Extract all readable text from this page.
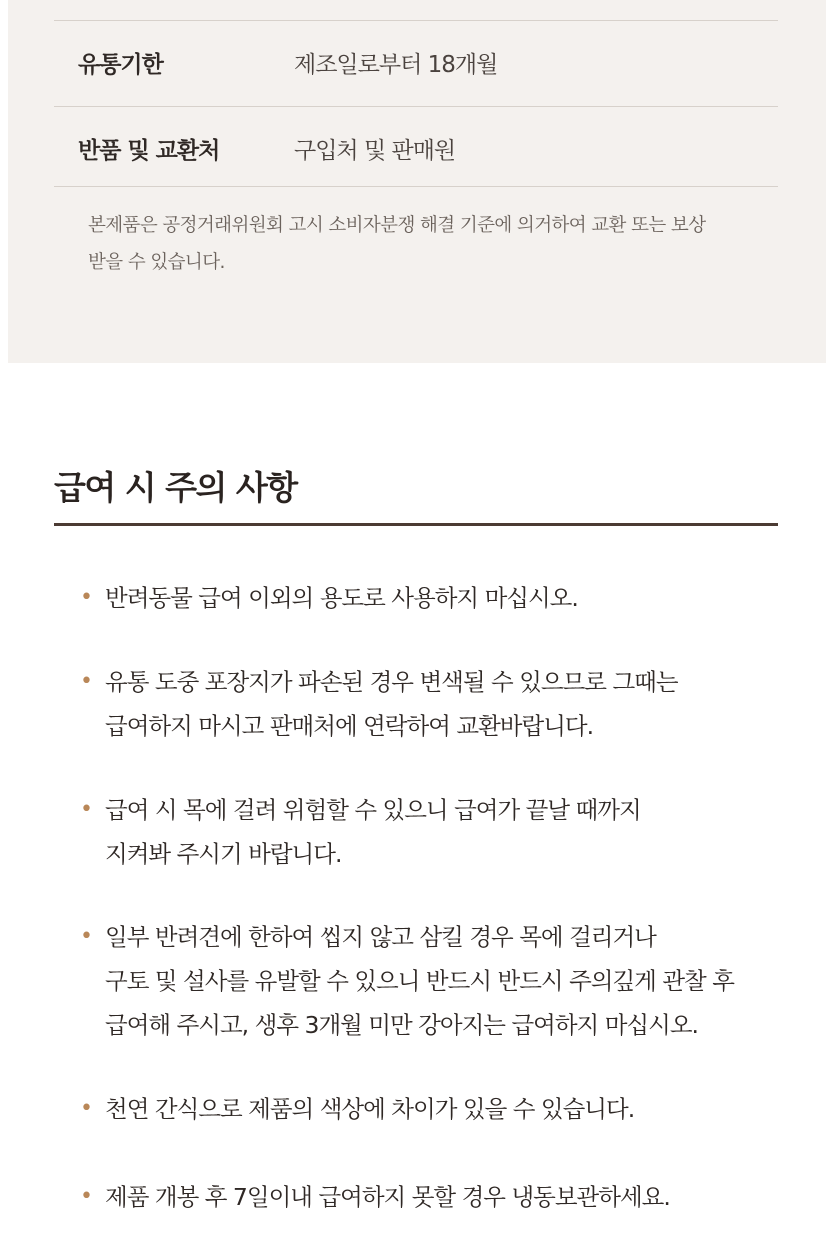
유통기한	제조일로부터 18개월
반품 및 교환처	구입처 및 판매원
본제품은 공정거래위원회 고시 소비자분쟁 해결 기준에 의거하여 교환 또는 보상
받을 수 있습니다.
급여 시 주의 사항
• 반려동물 급여 이외의 용도로 사용하지 마십시오.
• 유통 도중 포장지가 파손된 경우 변색될 수 있으므로 그때는
급여하지 마시고 판매처에 연락하여 교환바랍니다.
• 급여 시 목에 걸려 위험할 수 있으니 급여가 끝날 때까지
지켜봐 주시기 바랍니다.
• 일부 반려견에 한하여 씹지 않고 삼킬 경우 목에 걸리거나
구토 및 설사를 유발할 수 있으니 반드시 반드시 주의깊게 관찰 후
급여해 주시고, 생후 3개월 미만 강아지는 급여하지 마십시오.
• 천연 간식으로 제품의 색상에 차이가 있을 수 있습니다.
• 제품 개봉 후 7일이내 급여하지 못할 경우 냉동보관하세요.
